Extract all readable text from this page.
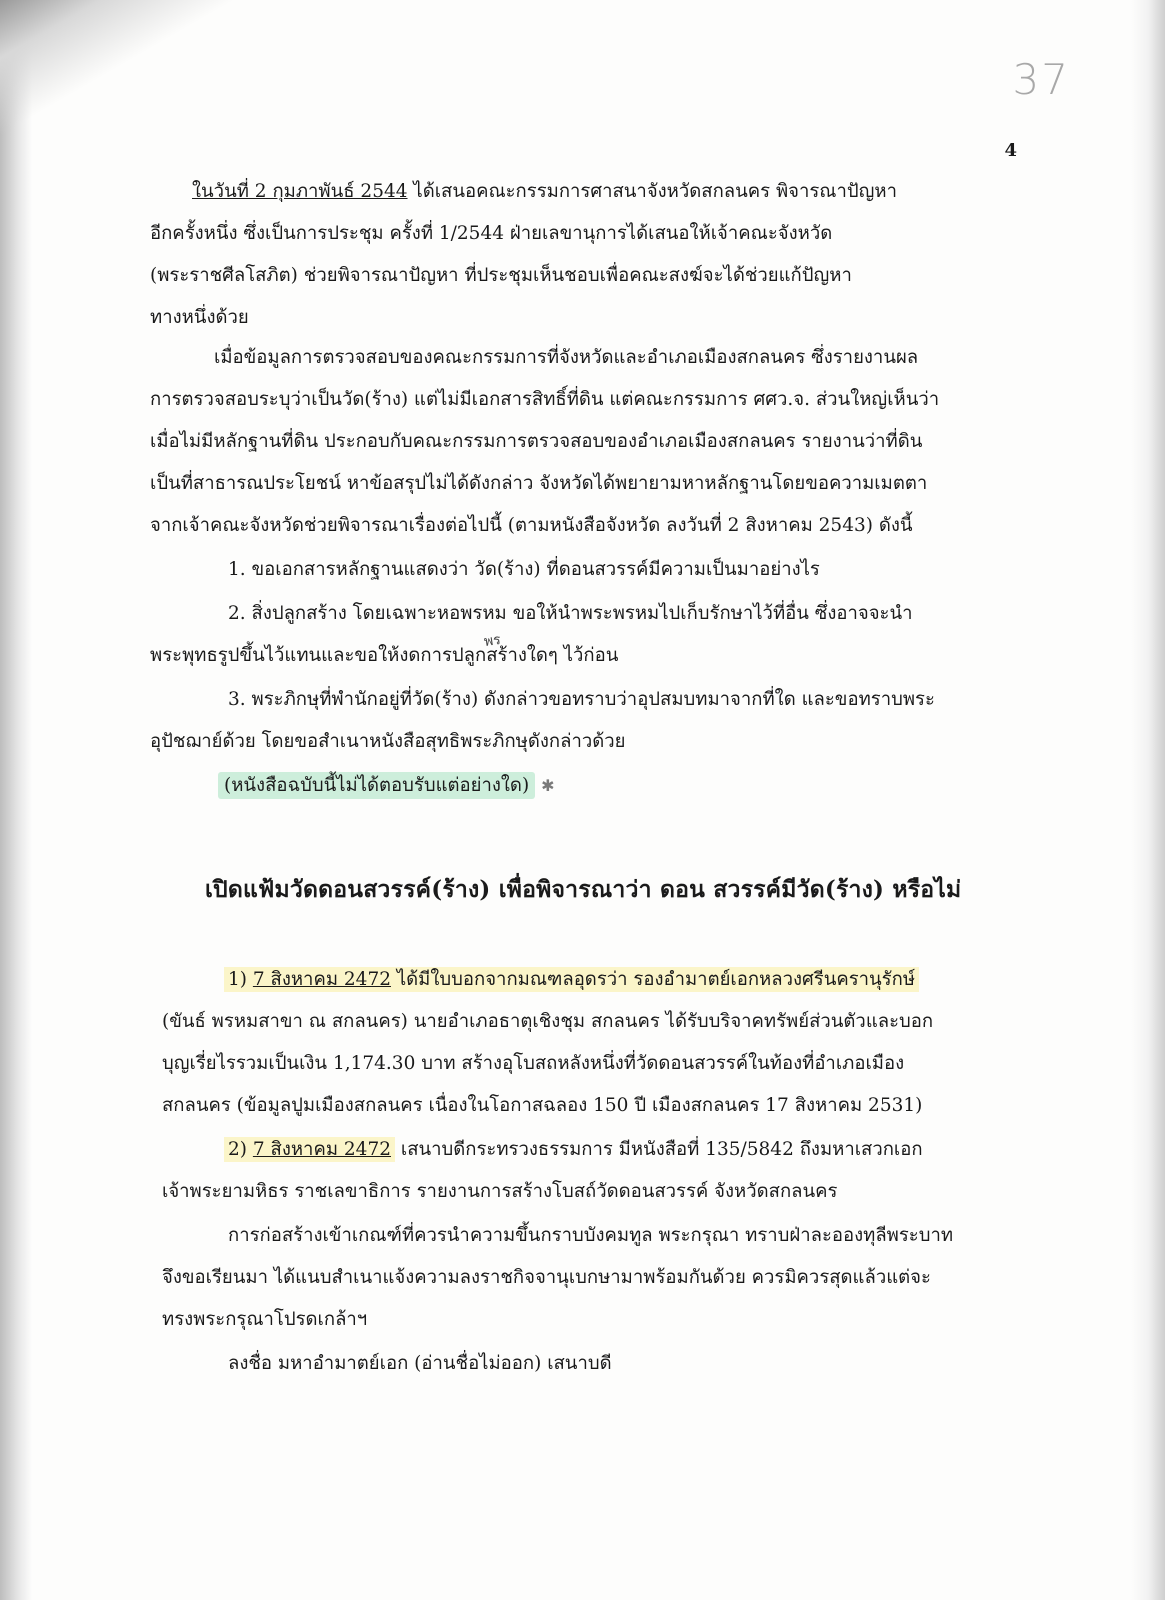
37
4
ในวันที่ 2 กุมภาพันธ์ 2544 ได้เสนอคณะกรรมการศาสนาจังหวัดสกลนคร พิจารณาปัญหา
อีกครั้งหนึ่ง ซึ่งเป็นการประชุม ครั้งที่ 1/2544 ฝ่ายเลขานุการได้เสนอให้เจ้าคณะจังหวัด
(พระราชศีลโสภิต) ช่วยพิจารณาปัญหา ที่ประชุมเห็นชอบเพื่อคณะสงฆ์จะได้ช่วยแก้ปัญหา
ทางหนึ่งด้วย
เมื่อข้อมูลการตรวจสอบของคณะกรรมการที่จังหวัดและอำเภอเมืองสกลนคร ซึ่งรายงานผล
การตรวจสอบระบุว่าเป็นวัด(ร้าง) แต่ไม่มีเอกสารสิทธิ์ที่ดิน แต่คณะกรรมการ ศศว.จ. ส่วนใหญ่เห็นว่า
เมื่อไม่มีหลักฐานที่ดิน ประกอบกับคณะกรรมการตรวจสอบของอำเภอเมืองสกลนคร รายงานว่าที่ดิน
เป็นที่สาธารณประโยชน์ หาข้อสรุปไม่ได้ดังกล่าว จังหวัดได้พยายามหาหลักฐานโดยขอความเมตตา
จากเจ้าคณะจังหวัดช่วยพิจารณาเรื่องต่อไปนี้ (ตามหนังสือจังหวัด ลงวันที่ 2 สิงหาคม 2543) ดังนี้
1. ขอเอกสารหลักฐานแสดงว่า วัด(ร้าง) ที่ดอนสวรรค์มีความเป็นมาอย่างไร
2. สิ่งปลูกสร้าง โดยเฉพาะหอพรหม ขอให้นำพระพรหมไปเก็บรักษาไว้ที่อื่น ซึ่งอาจจะนำ
พระพุทธรูปขึ้นไว้แทนและขอให้งดการปลูกสร้างใดๆ ไว้ก่อน
3. พระภิกษุที่พำนักอยู่ที่วัด(ร้าง) ดังกล่าวขอทราบว่าอุปสมบทมาจากที่ใด และขอทราบพระ
อุปัชฌาย์ด้วย โดยขอสำเนาหนังสือสุทธิพระภิกษุดังกล่าวด้วย
(หนังสือฉบับนี้ไม่ได้ตอบรับแต่อย่างใด) ✱
พร
เปิดแฟ้มวัดดอนสวรรค์(ร้าง) เพื่อพิจารณาว่า ดอน สวรรค์มีวัด(ร้าง) หรือไม่
1) 7 สิงหาคม 2472 ได้มีใบบอกจากมณฑลอุดรว่า รองอำมาตย์เอกหลวงศรีนครานุรักษ์
(ขันธ์ พรหมสาขา ณ สกลนคร) นายอำเภอธาตุเชิงชุม สกลนคร ได้รับบริจาคทรัพย์ส่วนตัวและบอก
บุญเรี่ยไรรวมเป็นเงิน 1,174.30 บาท สร้างอุโบสถหลังหนึ่งที่วัดดอนสวรรค์ในท้องที่อำเภอเมือง
สกลนคร (ข้อมูลปูมเมืองสกลนคร เนื่องในโอกาสฉลอง 150 ปี เมืองสกลนคร 17 สิงหาคม 2531)
2) 7 สิงหาคม 2472 เสนาบดีกระทรวงธรรมการ มีหนังสือที่ 135/5842 ถึงมหาเสวกเอก
เจ้าพระยามหิธร ราชเลขาธิการ รายงานการสร้างโบสถ์วัดดอนสวรรค์ จังหวัดสกลนคร
การก่อสร้างเข้าเกณฑ์ที่ควรนำความขึ้นกราบบังคมทูล พระกรุณา ทราบฝ่าละอองทุลีพระบาท
จึงขอเรียนมา ได้แนบสำเนาแจ้งความลงราชกิจจานุเบกษามาพร้อมกันด้วย ควรมิควรสุดแล้วแต่จะ
ทรงพระกรุณาโปรดเกล้าฯ
ลงชื่อ มหาอำมาตย์เอก (อ่านชื่อไม่ออก) เสนาบดี
